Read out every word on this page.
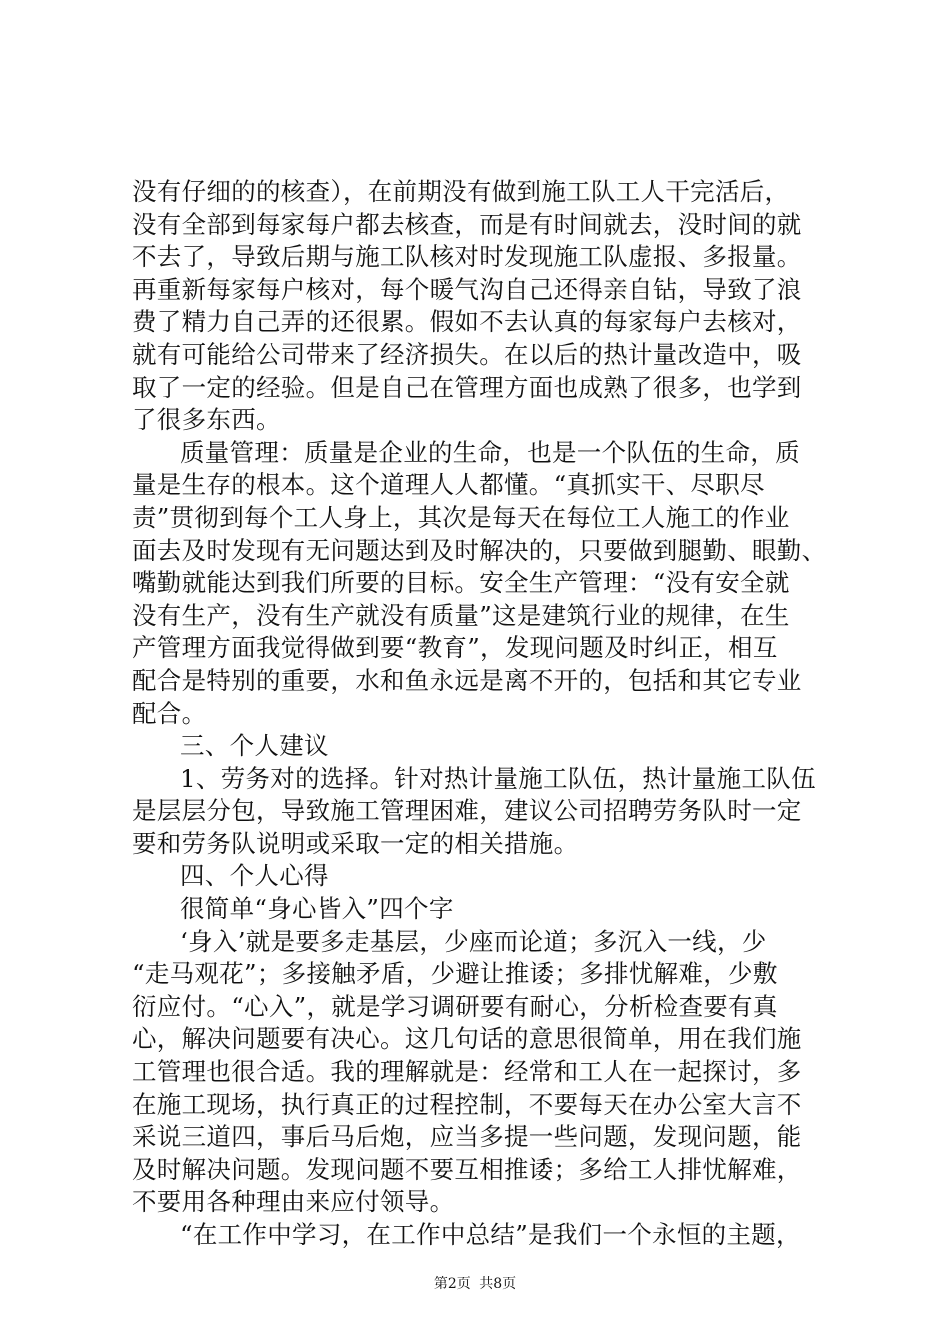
没有仔细的的核查），在前期没有做到施工队工人干完活后，
没有全部到每家每户都去核查，而是有时间就去，没时间的就
不去了，导致后期与施工队核对时发现施工队虚报、多报量。
再重新每家每户核对，每个暖气沟自己还得亲自钻，导致了浪
费了精力自己弄的还很累。假如不去认真的每家每户去核对，
就有可能给公司带来了经济损失。在以后的热计量改造中，吸
取了一定的经验。但是自己在管理方面也成熟了很多，也学到
了很多东西。
质量管理：质量是企业的生命，也是一个队伍的生命，质
量是生存的根本。这个道理人人都懂。“真抓实干、尽职尽
责”贯彻到每个工人身上，其次是每天在每位工人施工的作业
面去及时发现有无问题达到及时解决的，只要做到腿勤、眼勤、
嘴勤就能达到我们所要的目标。安全生产管理：“没有安全就
没有生产，没有生产就没有质量”这是建筑行业的规律，在生
产管理方面我觉得做到要“教育”，发现问题及时纠正，相互
配合是特别的重要，水和鱼永远是离不开的，包括和其它专业
配合。
三、个人建议
1、劳务对的选择。针对热计量施工队伍，热计量施工队伍
是层层分包，导致施工管理困难，建议公司招聘劳务队时一定
要和劳务队说明或采取一定的相关措施。
四、个人心得
很简单“身心皆入”四个字
‘身入’就是要多走基层，少座而论道；多沉入一线，少
“走马观花”；多接触矛盾，少避让推诿；多排忧解难，少敷
衍应付。“心入”，就是学习调研要有耐心，分析检查要有真
心，解决问题要有决心。这几句话的意思很简单，用在我们施
工管理也很合适。我的理解就是：经常和工人在一起探讨，多
在施工现场，执行真正的过程控制，不要每天在办公室大言不
采说三道四，事后马后炮，应当多提一些问题，发现问题，能
及时解决问题。发现问题不要互相推诿；多给工人排忧解难，
不要用各种理由来应付领导。
“在工作中学习，在工作中总结”是我们一个永恒的主题，
第2页 共8页
